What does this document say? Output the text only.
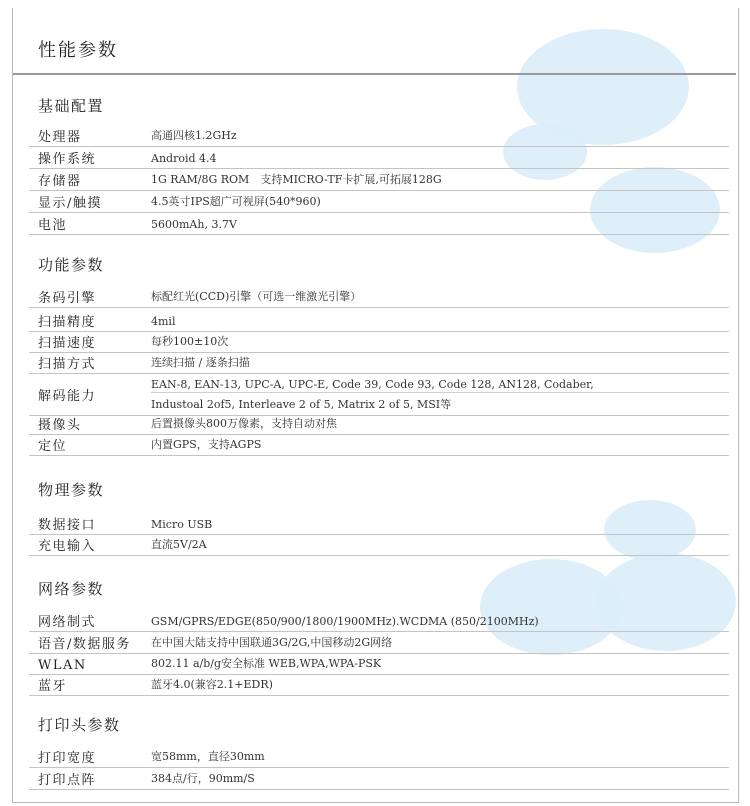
性能参数
基础配置
处理器	高通四核1.2GHz
操作系统	Android 4.4
存储器	1G RAM/8G ROM　支持MICRO-TF卡扩展,可拓展128G
显示/触摸	4.5英寸IPS超广可视屏(540*960)
电池	5600mAh, 3.7V
功能参数
条码引擎	标配红光(CCD)引擎（可选一维激光引擎）
扫描精度	4mil
扫描速度	每秒100±10次
扫描方式	连续扫描 / 逐条扫描
解码能力
EAN-8, EAN-13, UPC-A, UPC-E, Code 39, Code 93, Code 128, AN128, Codaber,
Industoal 2of5, Interleave 2 of 5, Matrix 2 of 5, MSI等
摄像头	后置摄像头800万像素，支持自动对焦
定位	内置GPS，支持AGPS
物理参数
数据接口	Micro USB
充电输入	直流5V/2A
网络参数
网络制式	GSM/GPRS/EDGE(850/900/1800/1900MHz).WCDMA (850/2100MHz)
语音/数据服务 在中国大陆支持中国联通3G/2G,中国移动2G网络
WLAN	802.11 a/b/g安全标准 WEB,WPA,WPA-PSK
蓝牙	蓝牙4.0(兼容2.1+EDR)
打印头参数
打印宽度	宽58mm，直径30mm
打印点阵	384点/行，90mm/S
